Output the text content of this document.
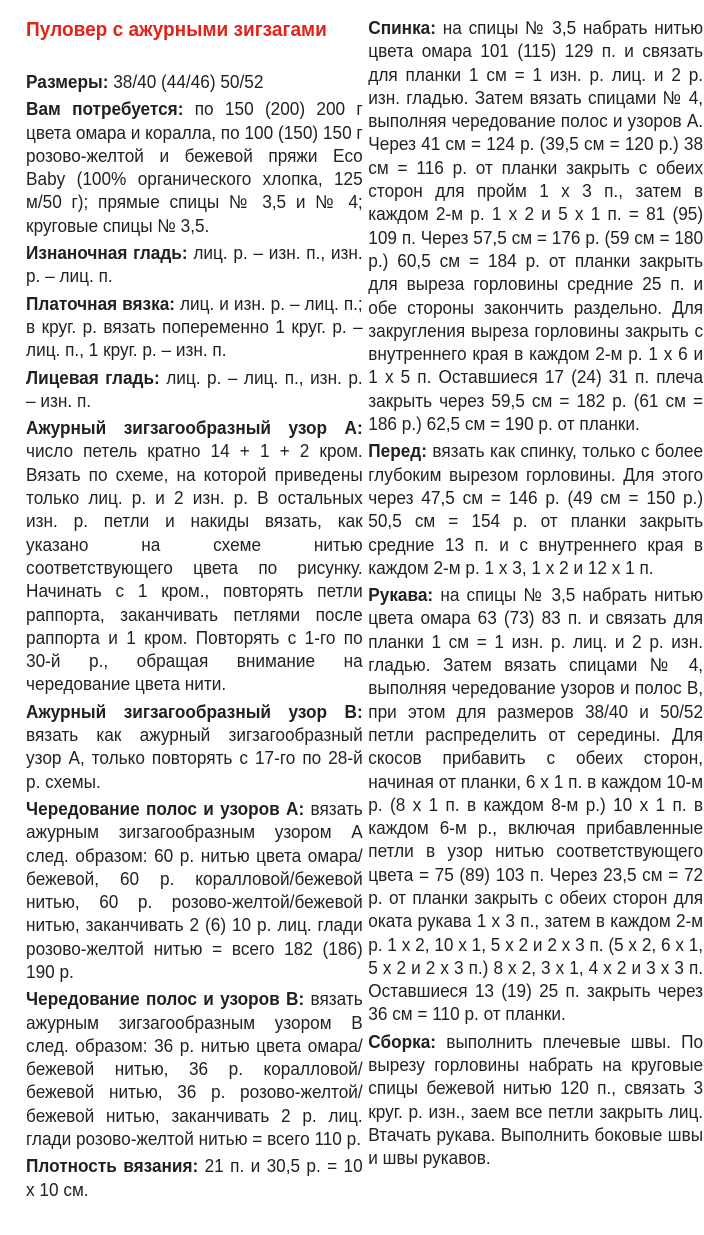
Пуловер с ажурными зигзагами
Размеры: 38/40 (44/46) 50/52
Вам потребуется: по 150 (200) 200 г цвета омара и коралла, по 100 (150) 150 г розово-желтой и бежевой пряжи Eco Baby (100% органического хлопка, 125 м/50 г); прямые спицы № 3,5 и № 4; круговые спицы № 3,5.
Изнаночная гладь: лиц. р. – изн. п., изн. р. – лиц. п.
Платочная вязка: лиц. и изн. р. – лиц. п.; в круг. р. вязать попеременно 1 круг. р. – лиц. п., 1 круг. р. – изн. п.
Лицевая гладь: лиц. р. – лиц. п., изн. р. – изн. п.
Ажурный зигзагообразный узор A: число петель кратно 14 + 1 + 2 кром. Вязать по схеме, на которой приведены только лиц. р. и 2 изн. р. В остальных изн. р. петли и накиды вязать, как указано на схеме нитью соответствующего цвета по рисунку. Начинать с 1 кром., повторять петли раппорта, заканчивать петлями после раппорта и 1 кром. Повторять с 1-го по 30-й р., обращая внимание на чередование цвета нити.
Ажурный зигзагообразный узор B: вязать как ажурный зигзагообразный узор A, только повторять с 17-го по 28-й р. схемы.
Чередование полос и узоров A: вязать ажурным зигзагообразным узором A след. образом: 60 р. нитью цвета омара/бежевой, 60 р. коралловой/бежевой нитью, 60 р. розово-желтой/бежевой нитью, заканчивать 2 (6) 10 р. лиц. глади розово-желтой нитью = всего 182 (186) 190 р.
Чередование полос и узоров B: вязать ажурным зигзагообразным узором B след. образом: 36 р. нитью цвета омара/бежевой нитью, 36 р. коралловой/бежевой нитью, 36 р. розово-желтой/бежевой нитью, заканчивать 2 р. лиц. глади розово-желтой нитью = всего 110 р.
Плотность вязания: 21 п. и 30,5 р. = 10 х 10 см.
Спинка: на спицы № 3,5 набрать нитью цвета омара 101 (115) 129 п. и связать для планки 1 см = 1 изн. р. лиц. и 2 р. изн. гладью. Затем вязать спицами № 4, выполняя чередование полос и узоров A. Через 41 см = 124 р. (39,5 см = 120 р.) 38 см = 116 р. от планки закрыть с обеих сторон для пройм 1 х 3 п., затем в каждом 2-м р. 1 х 2 и 5 х 1 п. = 81 (95) 109 п. Через 57,5 см = 176 р. (59 см = 180 р.) 60,5 см = 184 р. от планки закрыть для выреза горловины средние 25 п. и обе стороны закончить раздельно. Для закругления выреза горловины закрыть с внутреннего края в каждом 2-м р. 1 х 6 и 1 х 5 п. Оставшиеся 17 (24) 31 п. плеча закрыть через 59,5 см = 182 р. (61 см = 186 р.) 62,5 см = 190 р. от планки.
Перед: вязать как спинку, только с более глубоким вырезом горловины. Для этого через 47,5 см = 146 р. (49 см = 150 р.) 50,5 см = 154 р. от планки закрыть средние 13 п. и с внутреннего края в каждом 2-м р. 1 х 3, 1 х 2 и 12 х 1 п.
Рукава: на спицы № 3,5 набрать нитью цвета омара 63 (73) 83 п. и связать для планки 1 см = 1 изн. р. лиц. и 2 р. изн. гладью. Затем вязать спицами № 4, выполняя чередование узоров и полос B, при этом для размеров 38/40 и 50/52 петли распределить от середины. Для скосов прибавить с обеих сторон, начиная от планки, 6 х 1 п. в каждом 10-м р. (8 х 1 п. в каждом 8-м р.) 10 х 1 п. в каждом 6-м р., включая прибавленные петли в узор нитью соответствующего цвета = 75 (89) 103 п. Через 23,5 см = 72 р. от планки закрыть с обеих сторон для оката рукава 1 х 3 п., затем в каждом 2-м р. 1 х 2, 10 х 1, 5 х 2 и 2 х 3 п. (5 х 2, 6 х 1, 5 х 2 и 2 х 3 п.) 8 х 2, 3 х 1, 4 х 2 и 3 х 3 п. Оставшиеся 13 (19) 25 п. закрыть через 36 см = 110 р. от планки.
Сборка: выполнить плечевые швы. По вырезу горловины набрать на круговые спицы бежевой нитью 120 п., связать 3 круг. р. изн., заем все петли закрыть лиц. Втачать рукава. Выполнить боковые швы и швы рукавов.
